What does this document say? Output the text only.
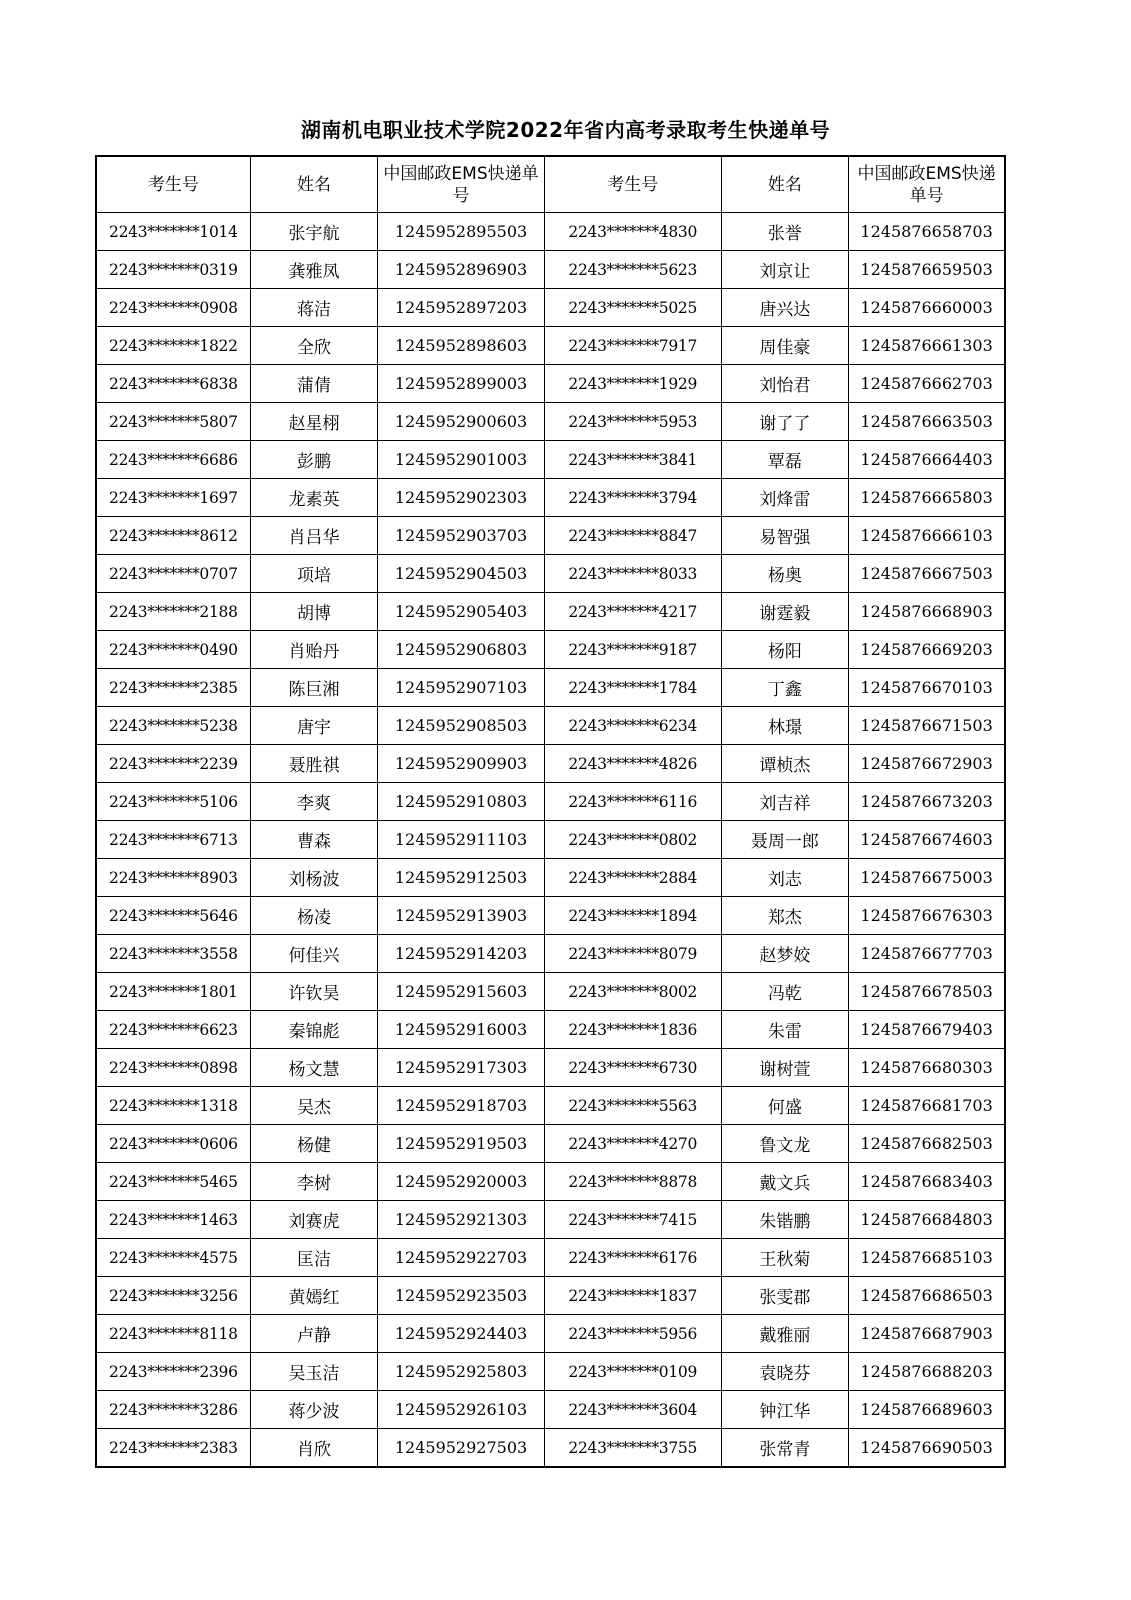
湖南机电职业技术学院2022年省内高考录取考生快递单号
考生号	姓名	中国邮政EMS快递单号	考生号	姓名	中国邮政EMS快递单号
2243*******1014	张宇航	1245952895503	2243*******4830	张誉	1245876658703
2243*******0319	龚雅凤	1245952896903	2243*******5623	刘京让	1245876659503
2243*******0908	蒋洁	1245952897203	2243*******5025	唐兴达	1245876660003
2243*******1822	全欣	1245952898603	2243*******7917	周佳豪	1245876661303
2243*******6838	蒲倩	1245952899003	2243*******1929	刘怡君	1245876662703
2243*******5807	赵星栩	1245952900603	2243*******5953	谢了了	1245876663503
2243*******6686	彭鹏	1245952901003	2243*******3841	覃磊	1245876664403
2243*******1697	龙素英	1245952902303	2243*******3794	刘烽雷	1245876665803
2243*******8612	肖吕华	1245952903703	2243*******8847	易智强	1245876666103
2243*******0707	项培	1245952904503	2243*******8033	杨奥	1245876667503
2243*******2188	胡博	1245952905403	2243*******4217	谢霆毅	1245876668903
2243*******0490	肖贻丹	1245952906803	2243*******9187	杨阳	1245876669203
2243*******2385	陈巨湘	1245952907103	2243*******1784	丁鑫	1245876670103
2243*******5238	唐宇	1245952908503	2243*******6234	林璟	1245876671503
2243*******2239	聂胜祺	1245952909903	2243*******4826	谭桢杰	1245876672903
2243*******5106	李爽	1245952910803	2243*******6116	刘吉祥	1245876673203
2243*******6713	曹森	1245952911103	2243*******0802	聂周一郎	1245876674603
2243*******8903	刘杨波	1245952912503	2243*******2884	刘志	1245876675003
2243*******5646	杨凌	1245952913903	2243*******1894	郑杰	1245876676303
2243*******3558	何佳兴	1245952914203	2243*******8079	赵梦姣	1245876677703
2243*******1801	许钦昊	1245952915603	2243*******8002	冯乾	1245876678503
2243*******6623	秦锦彪	1245952916003	2243*******1836	朱雷	1245876679403
2243*******0898	杨文慧	1245952917303	2243*******6730	谢树萱	1245876680303
2243*******1318	吴杰	1245952918703	2243*******5563	何盛	1245876681703
2243*******0606	杨健	1245952919503	2243*******4270	鲁文龙	1245876682503
2243*******5465	李树	1245952920003	2243*******8878	戴文兵	1245876683403
2243*******1463	刘赛虎	1245952921303	2243*******7415	朱锴鹏	1245876684803
2243*******4575	匡洁	1245952922703	2243*******6176	王秋菊	1245876685103
2243*******3256	黄嫣红	1245952923503	2243*******1837	张雯郡	1245876686503
2243*******8118	卢静	1245952924403	2243*******5956	戴雅丽	1245876687903
2243*******2396	吴玉洁	1245952925803	2243*******0109	袁晓芬	1245876688203
2243*******3286	蒋少波	1245952926103	2243*******3604	钟江华	1245876689603
2243*******2383	肖欣	1245952927503	2243*******3755	张常青	1245876690503
